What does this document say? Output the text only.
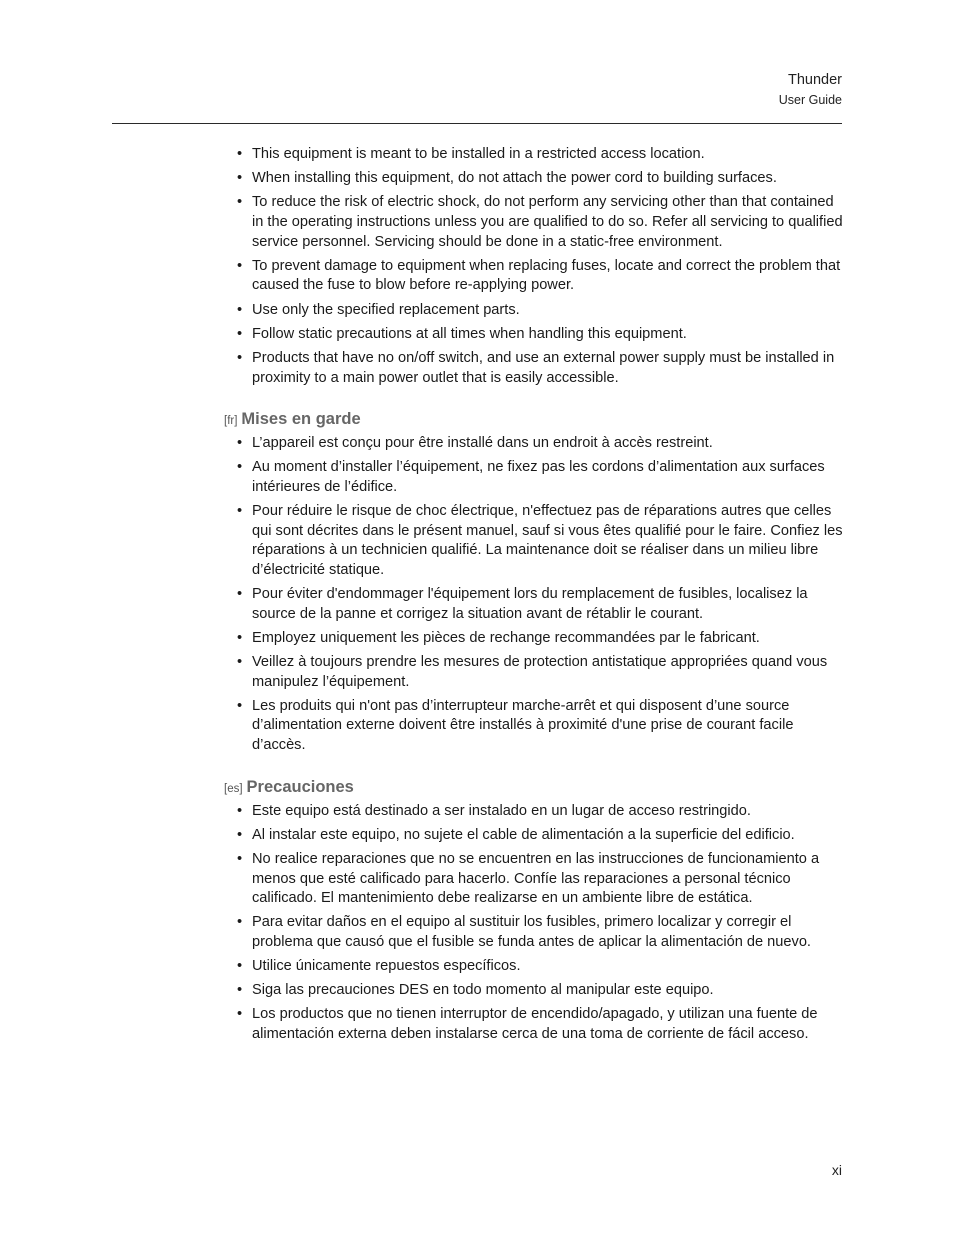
Thunder
User Guide
• This equipment is meant to be installed in a restricted access location.
• When installing this equipment, do not attach the power cord to building surfaces.
• To reduce the risk of electric shock, do not perform any servicing other than that contained in the operating instructions unless you are qualified to do so. Refer all servicing to qualified service personnel. Servicing should be done in a static-free environment.
• To prevent damage to equipment when replacing fuses, locate and correct the problem that caused the fuse to blow before re-applying power.
• Use only the specified replacement parts.
• Follow static precautions at all times when handling this equipment.
• Products that have no on/off switch, and use an external power supply must be installed in proximity to a main power outlet that is easily accessible.
[fr] Mises en garde
• L’appareil est conçu pour être installé dans un endroit à accès restreint.
• Au moment d’installer l’équipement, ne fixez pas les cordons d’alimentation aux surfaces intérieures de l’édifice.
• Pour réduire le risque de choc électrique, n'effectuez pas de réparations autres que celles qui sont décrites dans le présent manuel, sauf si vous êtes qualifié pour le faire. Confiez les réparations à un technicien qualifié. La maintenance doit se réaliser dans un milieu libre d’électricité statique.
• Pour éviter d'endommager l'équipement lors du remplacement de fusibles, localisez la source de la panne et corrigez la situation avant de rétablir le courant.
• Employez uniquement les pièces de rechange recommandées par le fabricant.
• Veillez à toujours prendre les mesures de protection antistatique appropriées quand vous manipulez l’équipement.
• Les produits qui n'ont pas d’interrupteur marche-arrêt et qui disposent d’une source d’alimentation externe doivent être installés à proximité d'une prise de courant facile d’accès.
[es] Precauciones
• Este equipo está destinado a ser instalado en un lugar de acceso restringido.
• Al instalar este equipo, no sujete el cable de alimentación a la superficie del edificio.
• No realice reparaciones que no se encuentren en las instrucciones de funcionamiento a menos que esté calificado para hacerlo. Confíe las reparaciones a personal técnico calificado. El mantenimiento debe realizarse en un ambiente libre de estática.
• Para evitar daños en el equipo al sustituir los fusibles, primero localizar y corregir el problema que causó que el fusible se funda antes de aplicar la alimentación de nuevo.
• Utilice únicamente repuestos específicos.
• Siga las precauciones DES en todo momento al manipular este equipo.
• Los productos que no tienen interruptor de encendido/apagado, y utilizan una fuente de alimentación externa deben instalarse cerca de una toma de corriente de fácil acceso.
xi
